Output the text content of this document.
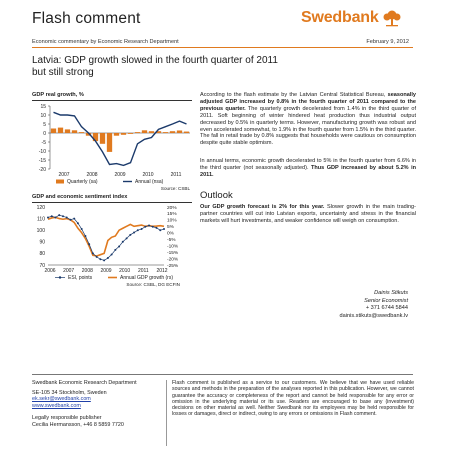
Flash comment	Swedbank
Economic commentary by Economic Research Department	February 9, 2012
Latvia: GDP growth slowed in the fourth quarter of 2011
but still strong
GDP real growth, %
15
10
5
0
-5
-10
-15
-20
2007	2008	2009	2010	2011
Quarterly (sa)	Annual (nsa)
Source: CSBL
GDP and economic sentiment index
120
110
100
90
80
70
20%
15%
10%
5%
0%
-5%
-10%
-15%
-20%
-25%
2006 2007 2008 2009 2010 2011 2012
ESI, points	Annual GDP growth (rs)
Source: CSBL, DG ECFIN
According to the flash estimate by the Latvian Central Statistical Bureau, seasonally adjusted GDP increased by 0.8% in the fourth quarter of 2011 compared to the previous quarter. The quarterly growth decelerated from 1.4% in the third quarter of 2011. Soft beginning of winter hindered heat production thus industrial output decreased by 0.5% in quarterly terms. However, manufacturing growth was robust and even accelerated somewhat, to 1.9% in the fourth quarter from 1.5% in the third quarter. The fall in retail trade by 0.8% suggests that households were cautious on consumption despite quite stable optimism.
In annual terms, economic growth decelerated to 5% in the fourth quarter from 6.6% in the third quarter (not seasonally adjusted). Thus GDP increased by about 5.2% in 2011.
Outlook
Our GDP growth forecast is 2% for this year. Slower growth in the main trading-partner countries will cut into Latvian exports, uncertainty and stress in the financial markets will hurt investments, and weaker confidence will weigh on consumption.
Dainis Stikuts
Senior Economist
+ 371 6744 5844
dainis.stikuts@swedbank.lv
Swedbank Economic Research Department
SE-105 34 Stockholm, Sweden
ek.sekr@swedbank.com
www.swedbank.com
Legally responsible publisher
Cecilia Hermansson, +46 8 5859 7720
Flash comment is published as a service to our customers. We believe that we have used reliable sources and methods in the preparation of the analyses reported in this publication. However, we cannot guarantee the accuracy or completeness of the report and cannot be held responsible for any error or omission in the underlying material or its use. Readers are encouraged to base any (investment) decisions on other material as well. Neither Swedbank nor its employees may be held responsible for losses or damages, direct or indirect, owing to any errors or omissions in Flash comment.
